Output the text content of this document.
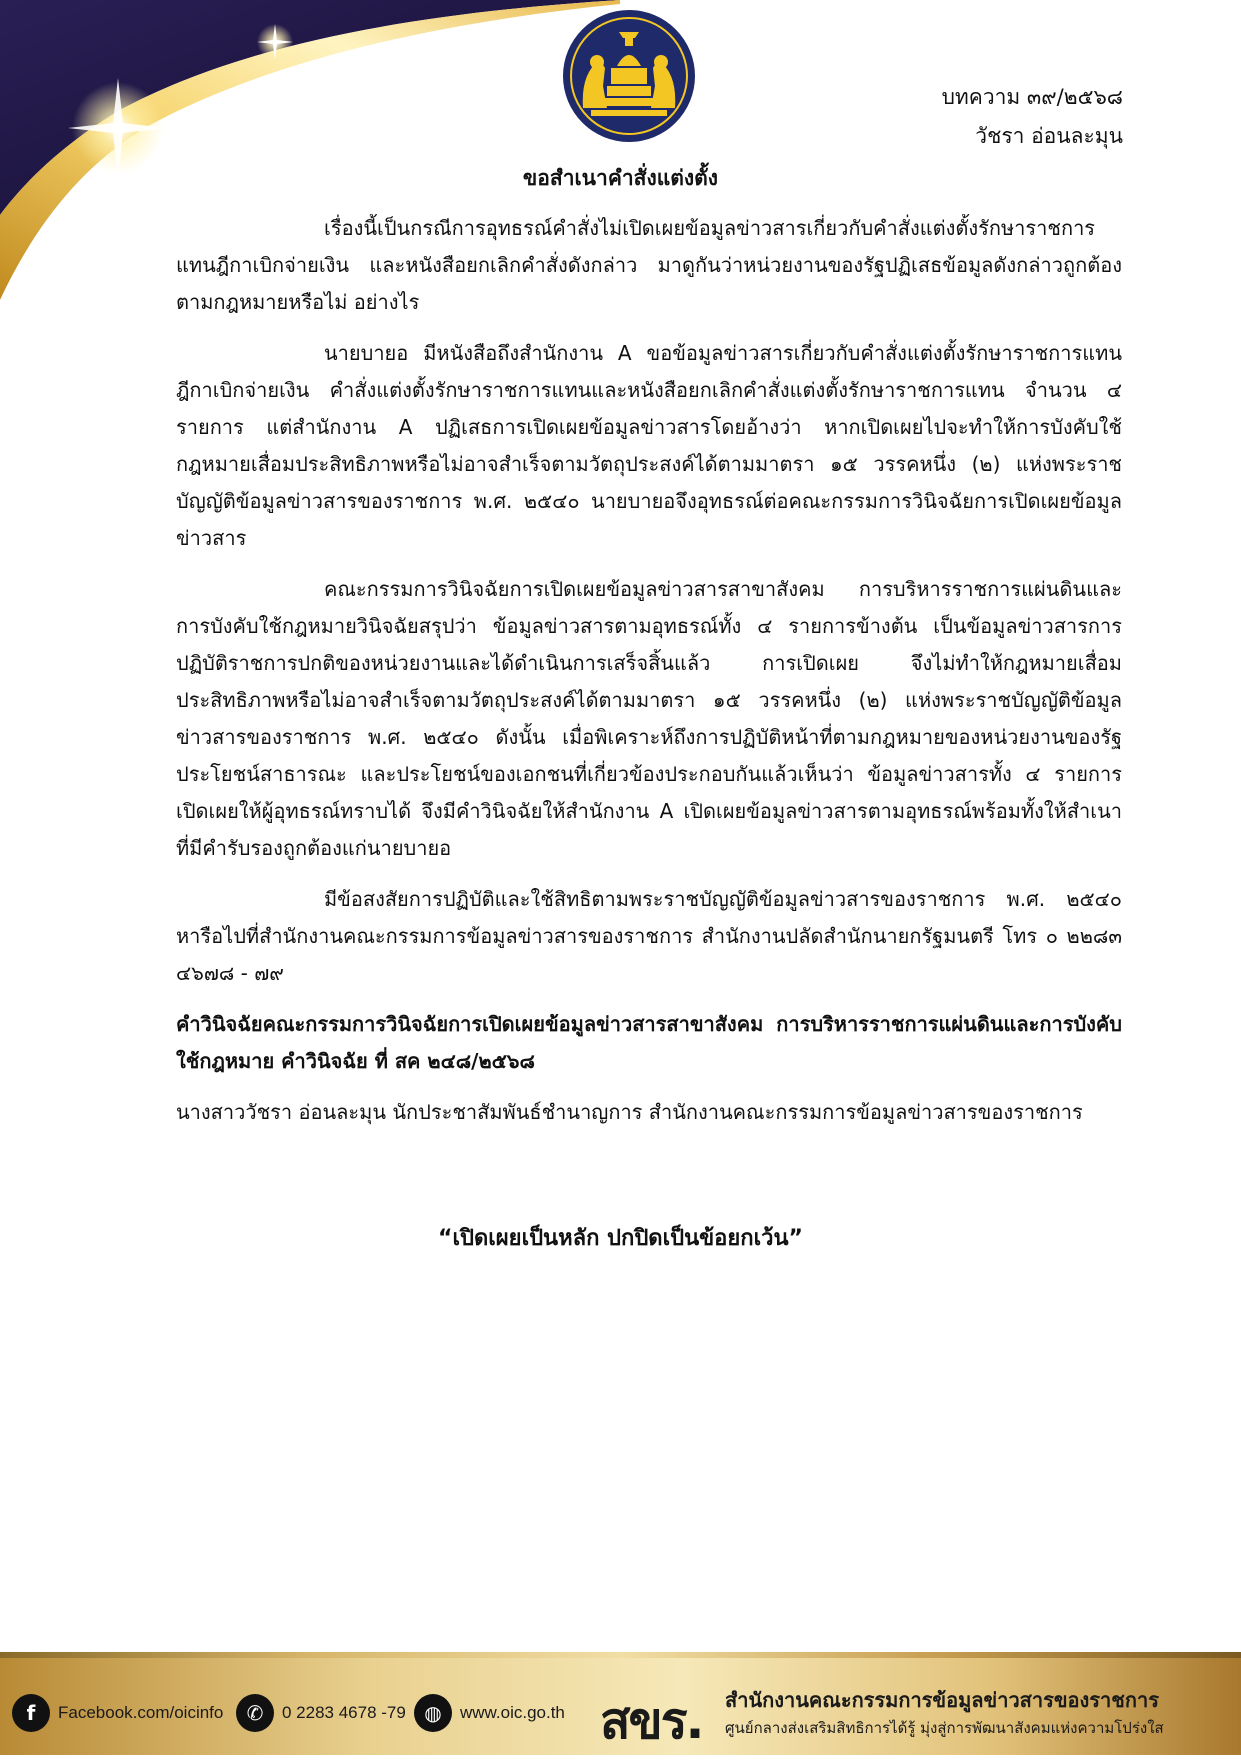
บทความ ๓๙/๒๕๖๘
วัชรา อ่อนละมุน
ขอสำเนาคำสั่งแต่งตั้ง

เรื่องนี้เป็นกรณีการอุทธรณ์คำสั่งไม่เปิดเผยข้อมูลข่าวสารเกี่ยวกับคำสั่งแต่งตั้งรักษาราชการแทนฎีกาเบิกจ่ายเงิน และหนังสือยกเลิกคำสั่งดังกล่าว มาดูกันว่าหน่วยงานของรัฐปฏิเสธข้อมูลดังกล่าวถูกต้องตามกฎหมายหรือไม่ อย่างไร

นายบายอ มีหนังสือถึงสำนักงาน A ขอข้อมูลข่าวสารเกี่ยวกับคำสั่งแต่งตั้งรักษาราชการแทนฎีกาเบิกจ่ายเงิน คำสั่งแต่งตั้งรักษาราชการแทนและหนังสือยกเลิกคำสั่งแต่งตั้งรักษาราชการแทน จำนวน ๔ รายการ แต่สำนักงาน A ปฏิเสธการเปิดเผยข้อมูลข่าวสารโดยอ้างว่า หากเปิดเผยไปจะทำให้การบังคับใช้กฎหมายเสื่อมประสิทธิภาพหรือไม่อาจสำเร็จตามวัตถุประสงค์ได้ตามมาตรา ๑๕ วรรคหนึ่ง (๒) แห่งพระราชบัญญัติข้อมูลข่าวสารของราชการ พ.ศ. ๒๕๔๐ นายบายอจึงอุทธรณ์ต่อคณะกรรมการวินิจฉัยการเปิดเผยข้อมูลข่าวสาร

คณะกรรมการวินิจฉัยการเปิดเผยข้อมูลข่าวสารสาขาสังคม การบริหารราชการแผ่นดินและการบังคับใช้กฎหมายวินิจฉัยสรุปว่า ข้อมูลข่าวสารตามอุทธรณ์ทั้ง ๔ รายการข้างต้น เป็นข้อมูลข่าวสารการปฏิบัติราชการปกติของหน่วยงานและได้ดำเนินการเสร็จสิ้นแล้ว การเปิดเผย จึงไม่ทำให้กฎหมายเสื่อมประสิทธิภาพหรือไม่อาจสำเร็จตามวัตถุประสงค์ได้ตามมาตรา ๑๕ วรรคหนึ่ง (๒) แห่งพระราชบัญญัติข้อมูลข่าวสารของราชการ พ.ศ. ๒๕๔๐ ดังนั้น เมื่อพิเคราะห์ถึงการปฏิบัติหน้าที่ตามกฎหมายของหน่วยงานของรัฐ ประโยชน์สาธารณะ และประโยชน์ของเอกชนที่เกี่ยวข้องประกอบกันแล้วเห็นว่า ข้อมูลข่าวสารทั้ง ๔ รายการเปิดเผยให้ผู้อุทธรณ์ทราบได้ จึงมีคำวินิจฉัยให้สำนักงาน A เปิดเผยข้อมูลข่าวสารตามอุทธรณ์พร้อมทั้งให้สำเนาที่มีคำรับรองถูกต้องแก่นายบายอ

มีข้อสงสัยการปฏิบัติและใช้สิทธิตามพระราชบัญญัติข้อมูลข่าวสารของราชการ พ.ศ. ๒๕๔๐ หารือไปที่สำนักงานคณะกรรมการข้อมูลข่าวสารของราชการ สำนักงานปลัดสำนักนายกรัฐมนตรี โทร ๐ ๒๒๘๓ ๔๖๗๘ - ๗๙

คำวินิจฉัยคณะกรรมการวินิจฉัยการเปิดเผยข้อมูลข่าวสารสาขาสังคม การบริหารราชการแผ่นดินและการบังคับใช้กฎหมาย คำวินิจฉัย ที่ สค ๒๔๘/๒๕๖๘

นางสาววัชรา อ่อนละมุน นักประชาสัมพันธ์ชำนาญการ สำนักงานคณะกรรมการข้อมูลข่าวสารของราชการ

“เปิดเผยเป็นหลัก ปกปิดเป็นข้อยกเว้น”
f	Facebook.com/oicinfo	✆	0 2283 4678 -79 ◍	www.oic.go.th สขร. สำนักงานคณะกรรมการข้อมูลข่าวสารของราชการ
ศูนย์กลางส่งเสริมสิทธิการได้รู้ มุ่งสู่การพัฒนาสังคมแห่งความโปร่งใส
